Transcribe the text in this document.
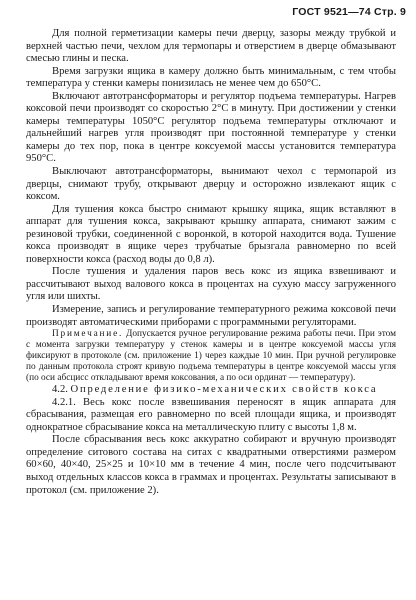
ГОСТ 9521—74 Стр. 9

Для полной герметизации камеры печи дверцу, зазоры между трубкой и верхней частью печи, чехлом для термопары и отверстием в дверце обмазывают смесью глины и песка.

Время загрузки ящика в камеру должно быть минимальным, с тем чтобы температура у стенки камеры понизилась не менее чем до 650°С.

Включают автотрансформаторы и регулятор подъема температуры. Нагрев коксовой печи производят со скоростью 2°С в минуту. При достижении у стенки камеры температуры 1050°С регулятор подъема температуры отключают и дальнейший нагрев угля производят при постоянной температуре у стенки камеры до тех пор, пока в центре коксуемой массы установится температура 950°С.

Выключают автотрансформаторы, вынимают чехол с термопарой из дверцы, снимают трубу, открывают дверцу и осторожно извлекают ящик с коксом.

Для тушения кокса быстро снимают крышку ящика, ящик вставляют в аппарат для тушения кокса, закрывают крышку аппарата, снимают зажим с резиновой трубки, соединенной с воронкой, в которой находится вода. Тушение кокса производят в ящике через трубчатые брызгала равномерно по всей поверхности кокса (расход воды до 0,8 л).

После тушения и удаления паров весь кокс из ящика взвешивают и рассчитывают выход валового кокса в процентах на сухую массу загруженного угля или шихты.

Измерение, запись и регулирование температурного режима коксовой печи производят автоматическими приборами с программными регуляторами.

Примечание. Допускается ручное регулирование режима работы печи. При этом с момента загрузки температуру у стенок камеры и в центре коксуемой массы угля фиксируют в протоколе (см. приложение 1) через каждые 10 мин. При ручной регулировке по данным протокола строят кривую подъема температуры в центре коксуемой массы угля (по оси абсцисс откладывают время коксования, а по оси ординат — температуру).

4.2. Определение физико-механических свойств кокса

4.2.1. Весь кокс после взвешивания переносят в ящик аппарата для сбрасывания, размещая его равномерно по всей площади ящика, и производят однократное сбрасывание кокса на металлическую плиту с высоты 1,8 м.

После сбрасывания весь кокс аккуратно собирают и вручную производят определение ситового состава на ситах с квадратными отверстиями размером 60×60, 40×40, 25×25 и 10×10 мм в течение 4 мин, после чего подсчитывают выход отдельных классов кокса в граммах и процентах. Результаты записывают в протокол (см. приложение 2).
